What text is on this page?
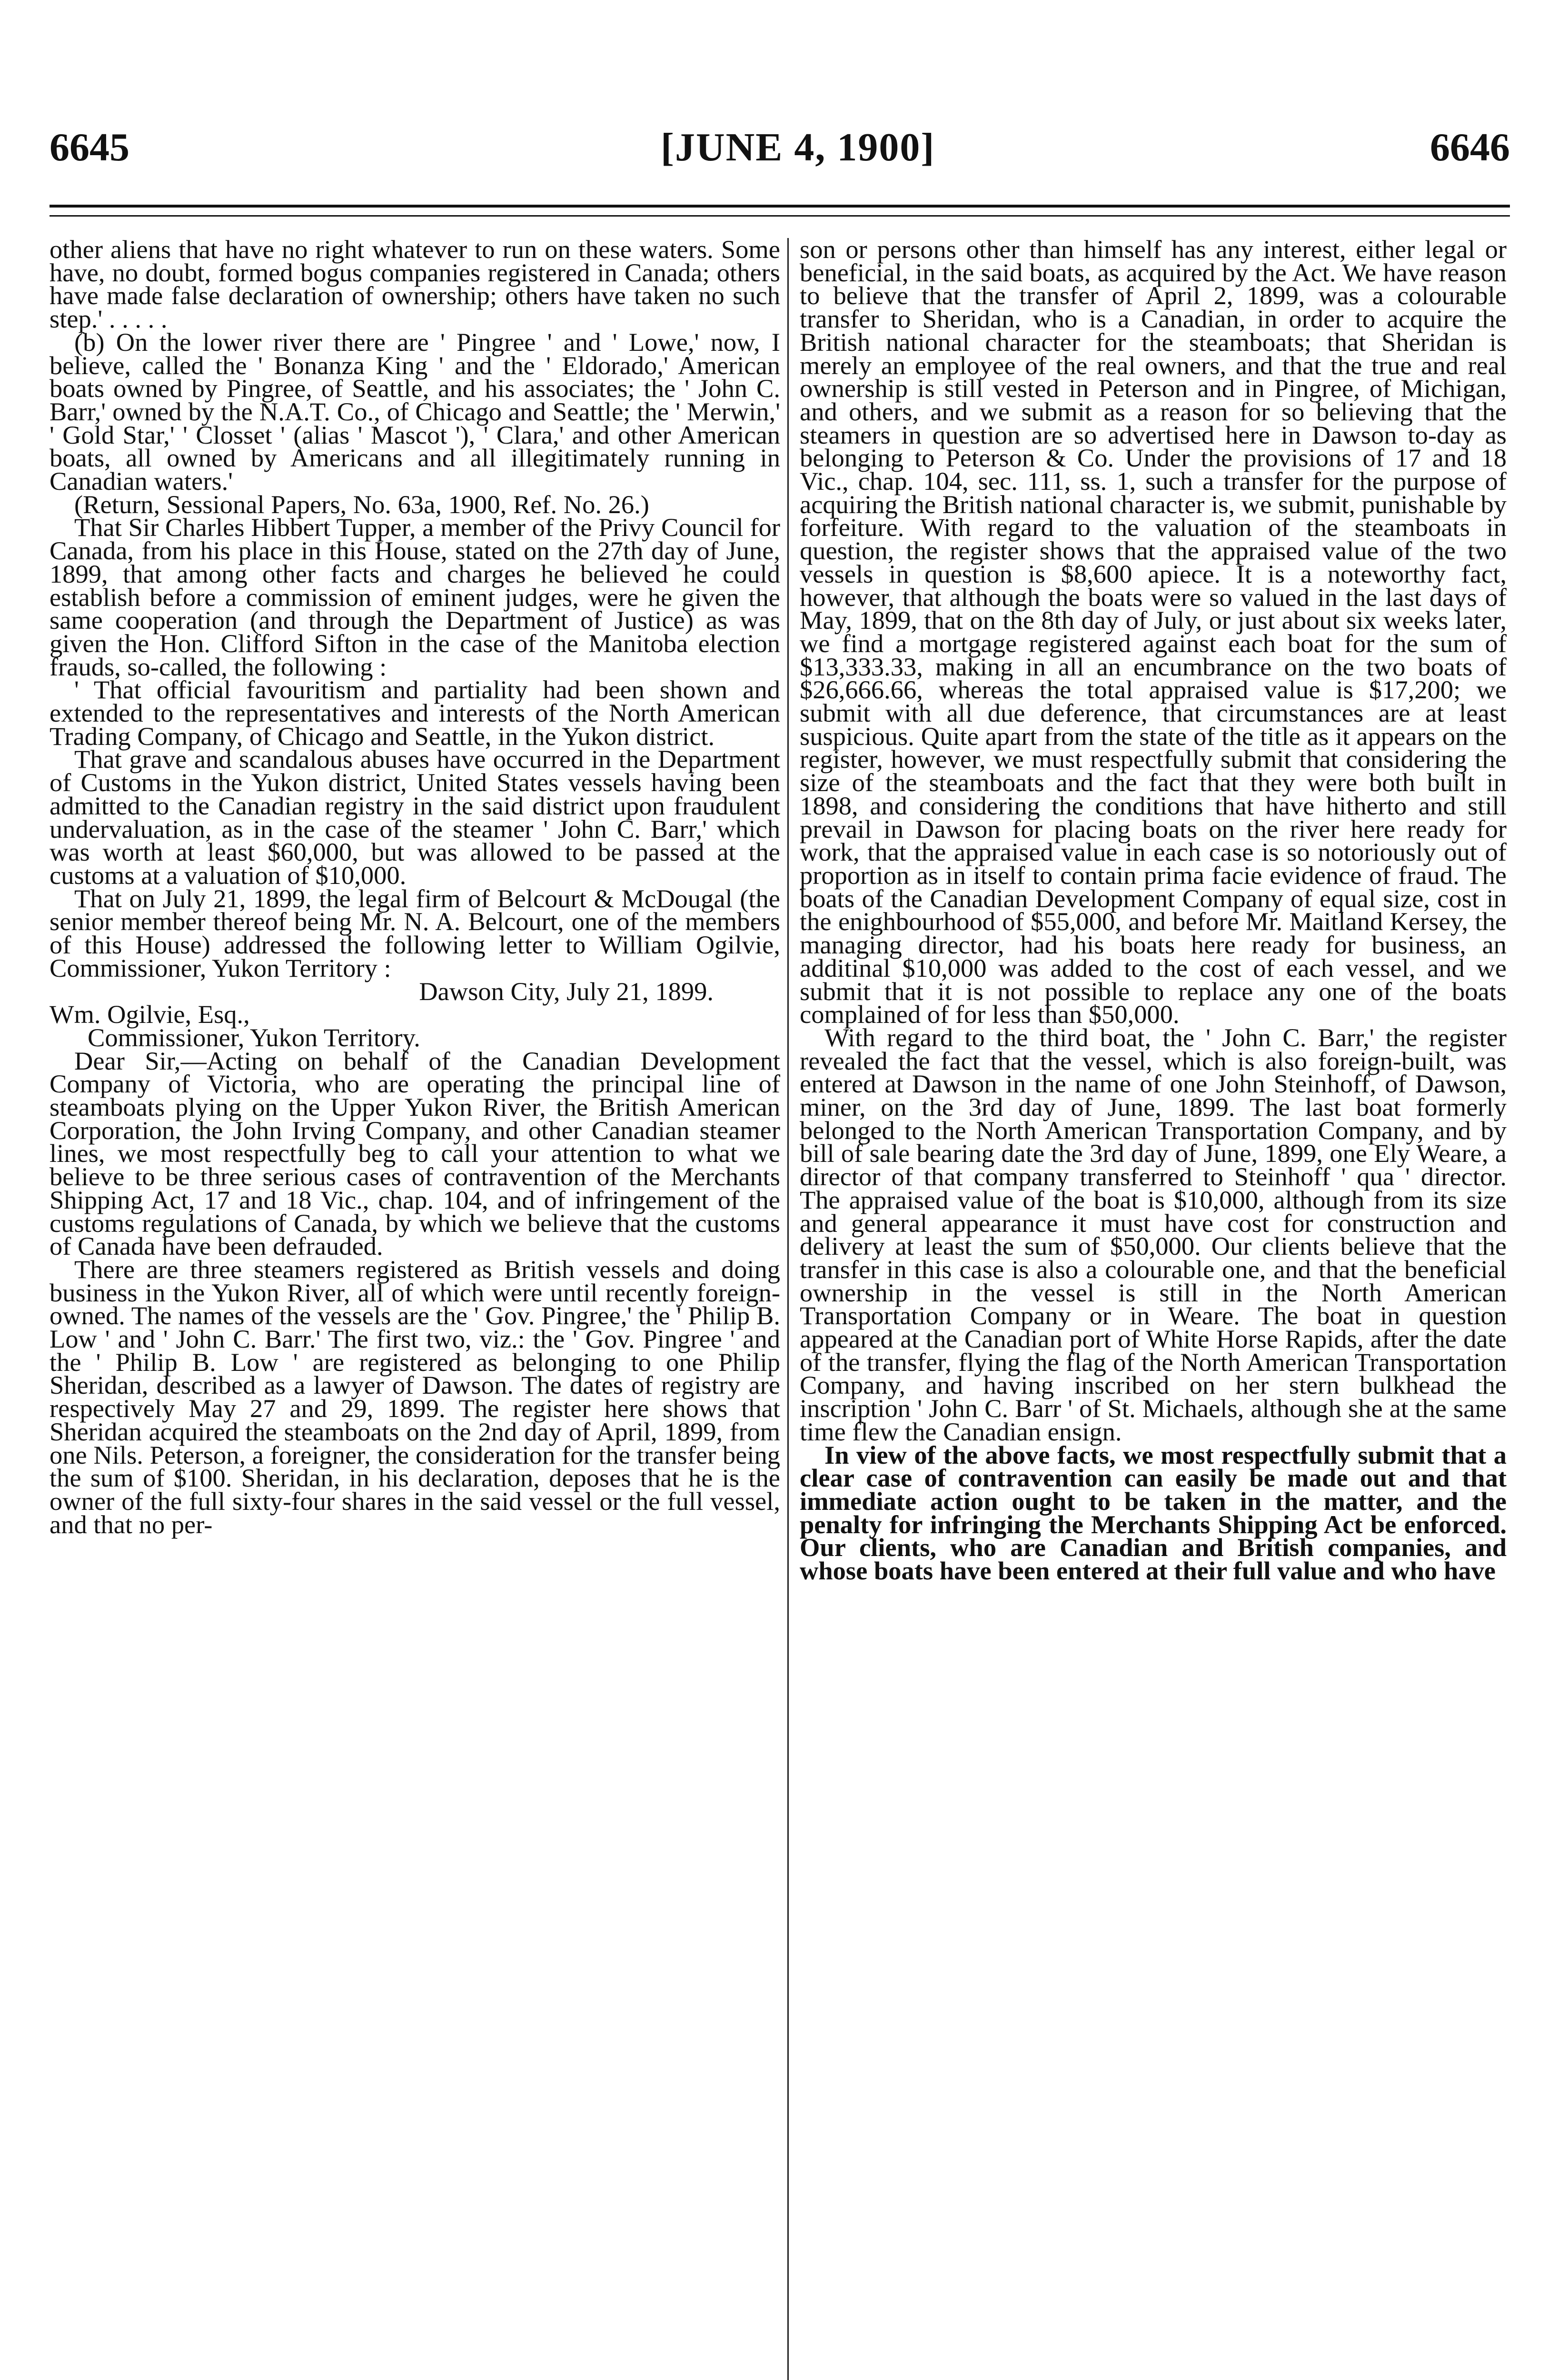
6645	[JUNE 4, 1900]	6646

other aliens that have no right whatever to run on these waters. Some have, no doubt, formed bogus companies registered in Canada; others have made false declaration of ownership; others have taken no such step.' . . . . .

(b) On the lower river there are ' Pingree ' and ' Lowe,' now, I believe, called the ' Bonanza King ' and the ' Eldorado,' American boats owned by Pingree, of Seattle, and his associates; the ' John C. Barr,' owned by the N.A.T. Co., of Chicago and Seattle; the ' Merwin,' ' Gold Star,' ' Closset ' (alias ' Mascot '), ' Clara,' and other American boats, all owned by Americans and all illegitimately running in Canadian waters.'

(Return, Sessional Papers, No. 63a, 1900, Ref. No. 26.)

That Sir Charles Hibbert Tupper, a member of the Privy Council for Canada, from his place in this House, stated on the 27th day of June, 1899, that among other facts and charges he believed he could establish before a commission of eminent judges, were he given the same cooperation (and through the Department of Justice) as was given the Hon. Clifford Sifton in the case of the Manitoba election frauds, so-called, the following :

' That official favouritism and partiality had been shown and extended to the representatives and interests of the North American Trading Company, of Chicago and Seattle, in the Yukon district.

That grave and scandalous abuses have occurred in the Department of Customs in the Yukon district, United States vessels having been admitted to the Canadian registry in the said district upon fraudulent undervaluation, as in the case of the steamer ' John C. Barr,' which was worth at least $60,000, but was allowed to be passed at the customs at a valuation of $10,000.

That on July 21, 1899, the legal firm of Belcourt & McDougal (the senior member thereof being Mr. N. A. Belcourt, one of the members of this House) addressed the following letter to William Ogilvie, Commissioner, Yukon Territory :

Dawson City, July 21, 1899.

Wm. Ogilvie, Esq.,

Commissioner, Yukon Territory.

Dear Sir,—Acting on behalf of the Canadian Development Company of Victoria, who are operating the principal line of steamboats plying on the Upper Yukon River, the British American Corporation, the John Irving Company, and other Canadian steamer lines, we most respectfully beg to call your attention to what we believe to be three serious cases of contravention of the Merchants Shipping Act, 17 and 18 Vic., chap. 104, and of infringement of the customs regulations of Canada, by which we believe that the customs of Canada have been defrauded.

There are three steamers registered as British vessels and doing business in the Yukon River, all of which were until recently foreign-owned. The names of the vessels are the ' Gov. Pingree,' the ' Philip B. Low ' and ' John C. Barr.' The first two, viz.: the ' Gov. Pingree ' and the ' Philip B. Low ' are registered as belonging to one Philip Sheridan, described as a lawyer of Dawson. The dates of registry are respectively May 27 and 29, 1899. The register here shows that Sheridan acquired the steamboats on the 2nd day of April, 1899, from one Nils. Peterson, a foreigner, the consideration for the transfer being the sum of $100. Sheridan, in his declaration, deposes that he is the owner of the full sixty-four shares in the said vessel or the full vessel, and that no per-

son or persons other than himself has any interest, either legal or beneficial, in the said boats, as acquired by the Act. We have reason to believe that the transfer of April 2, 1899, was a colourable transfer to Sheridan, who is a Canadian, in order to acquire the British national character for the steamboats; that Sheridan is merely an employee of the real owners, and that the true and real ownership is still vested in Peterson and in Pingree, of Michigan, and others, and we submit as a reason for so believing that the steamers in question are so advertised here in Dawson to-day as belonging to Peterson & Co. Under the provisions of 17 and 18 Vic., chap. 104, sec. 111, ss. 1, such a transfer for the purpose of acquiring the British national character is, we submit, punishable by forfeiture. With regard to the valuation of the steamboats in question, the register shows that the appraised value of the two vessels in question is $8,600 apiece. It is a noteworthy fact, however, that although the boats were so valued in the last days of May, 1899, that on the 8th day of July, or just about six weeks later, we find a mortgage registered against each boat for the sum of $13,333.33, making in all an encumbrance on the two boats of $26,666.66, whereas the total appraised value is $17,200; we submit with all due deference, that circumstances are at least suspicious. Quite apart from the state of the title as it appears on the register, however, we must respectfully submit that considering the size of the steamboats and the fact that they were both built in 1898, and considering the conditions that have hitherto and still prevail in Dawson for placing boats on the river here ready for work, that the appraised value in each case is so notoriously out of proportion as in itself to contain prima facie evidence of fraud. The boats of the Canadian Development Company of equal size, cost in the enighbourhood of $55,000, and before Mr. Maitland Kersey, the managing director, had his boats here ready for business, an additinal $10,000 was added to the cost of each vessel, and we submit that it is not possible to replace any one of the boats complained of for less than $50,000.

With regard to the third boat, the ' John C. Barr,' the register revealed the fact that the vessel, which is also foreign-built, was entered at Dawson in the name of one John Steinhoff, of Dawson, miner, on the 3rd day of June, 1899. The last boat formerly belonged to the North American Transportation Company, and by bill of sale bearing date the 3rd day of June, 1899, one Ely Weare, a director of that company transferred to Steinhoff ' qua ' director. The appraised value of the boat is $10,000, although from its size and general appearance it must have cost for construction and delivery at least the sum of $50,000. Our clients believe that the transfer in this case is also a colourable one, and that the beneficial ownership in the vessel is still in the North American Transportation Company or in Weare. The boat in question appeared at the Canadian port of White Horse Rapids, after the date of the transfer, flying the flag of the North American Transportation Company, and having inscribed on her stern bulkhead the inscription ' John C. Barr ' of St. Michaels, although she at the same time flew the Canadian ensign.

In view of the above facts, we most respectfully submit that a clear case of contravention can easily be made out and that immediate action ought to be taken in the matter, and the penalty for infringing the Merchants Shipping Act be enforced. Our clients, who are Canadian and British companies, and whose boats have been entered at their full value and who have
